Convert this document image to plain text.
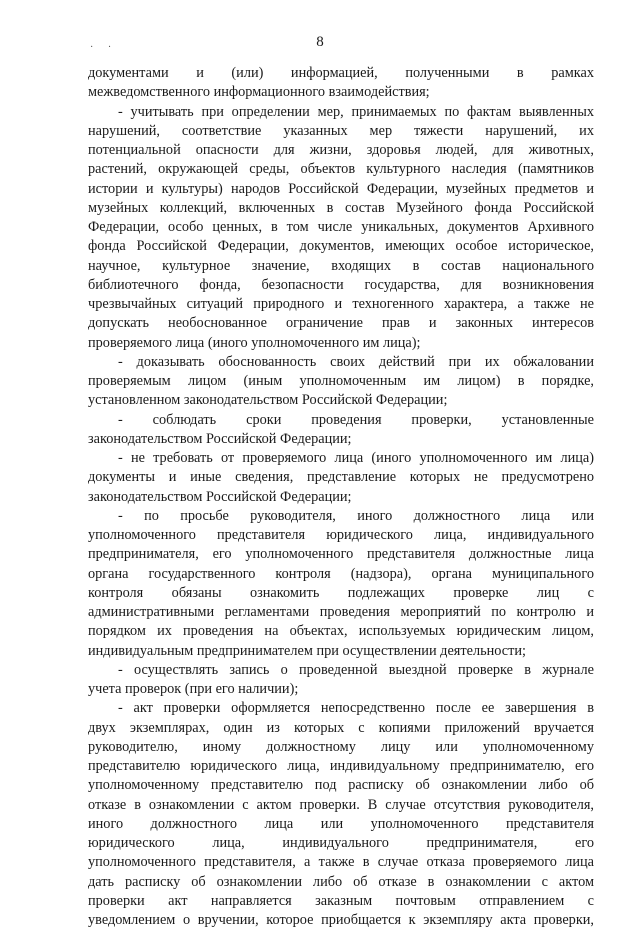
8
· ·
документами и (или) информацией, полученными в рамках
межведомственного информационного взаимодействия;
- учитывать при определении мер, принимаемых по фактам выявленных
нарушений, соответствие указанных мер тяжести нарушений, их
потенциальной опасности для жизни, здоровья людей, для животных,
растений, окружающей среды, объектов культурного наследия (памятников
истории и культуры) народов Российской Федерации, музейных предметов и
музейных коллекций, включенных в состав Музейного фонда Российской
Федерации, особо ценных, в том числе уникальных, документов Архивного
фонда Российской Федерации, документов, имеющих особое историческое,
научное, культурное значение, входящих в состав национального
библиотечного фонда, безопасности государства, для возникновения
чрезвычайных ситуаций природного и техногенного характера, а также не
допускать необоснованное ограничение прав и законных интересов
проверяемого лица (иного уполномоченного им лица);
- доказывать обоснованность своих действий при их обжаловании
проверяемым лицом (иным уполномоченным им лицом) в порядке,
установленном законодательством Российской Федерации;
- соблюдать сроки проведения проверки, установленные
законодательством Российской Федерации;
- не требовать от проверяемого лица (иного уполномоченного им лица)
документы и иные сведения, представление которых не предусмотрено
законодательством Российской Федерации;
- по просьбе руководителя, иного должностного лица или
уполномоченного представителя юридического лица, индивидуального
предпринимателя, его уполномоченного представителя должностные лица
органа государственного контроля (надзора), органа муниципального
контроля обязаны ознакомить подлежащих проверке лиц с
административными регламентами проведения мероприятий по контролю и
порядком их проведения на объектах, используемых юридическим лицом,
индивидуальным предпринимателем при осуществлении деятельности;
- осуществлять запись о проведенной выездной проверке в журнале
учета проверок (при его наличии);
- акт проверки оформляется непосредственно после ее завершения в
двух экземплярах, один из которых с копиями приложений вручается
руководителю, иному должностному лицу или уполномоченному
представителю юридического лица, индивидуальному предпринимателю, его
уполномоченному представителю под расписку об ознакомлении либо об
отказе в ознакомлении с актом проверки. В случае отсутствия руководителя,
иного должностного лица или уполномоченного представителя
юридического лица, индивидуального предпринимателя, его
уполномоченного представителя, а также в случае отказа проверяемого лица
дать расписку об ознакомлении либо об отказе в ознакомлении с актом
проверки акт направляется заказным почтовым отправлением с
уведомлением о вручении, которое приобщается к экземпляру акта проверки,
